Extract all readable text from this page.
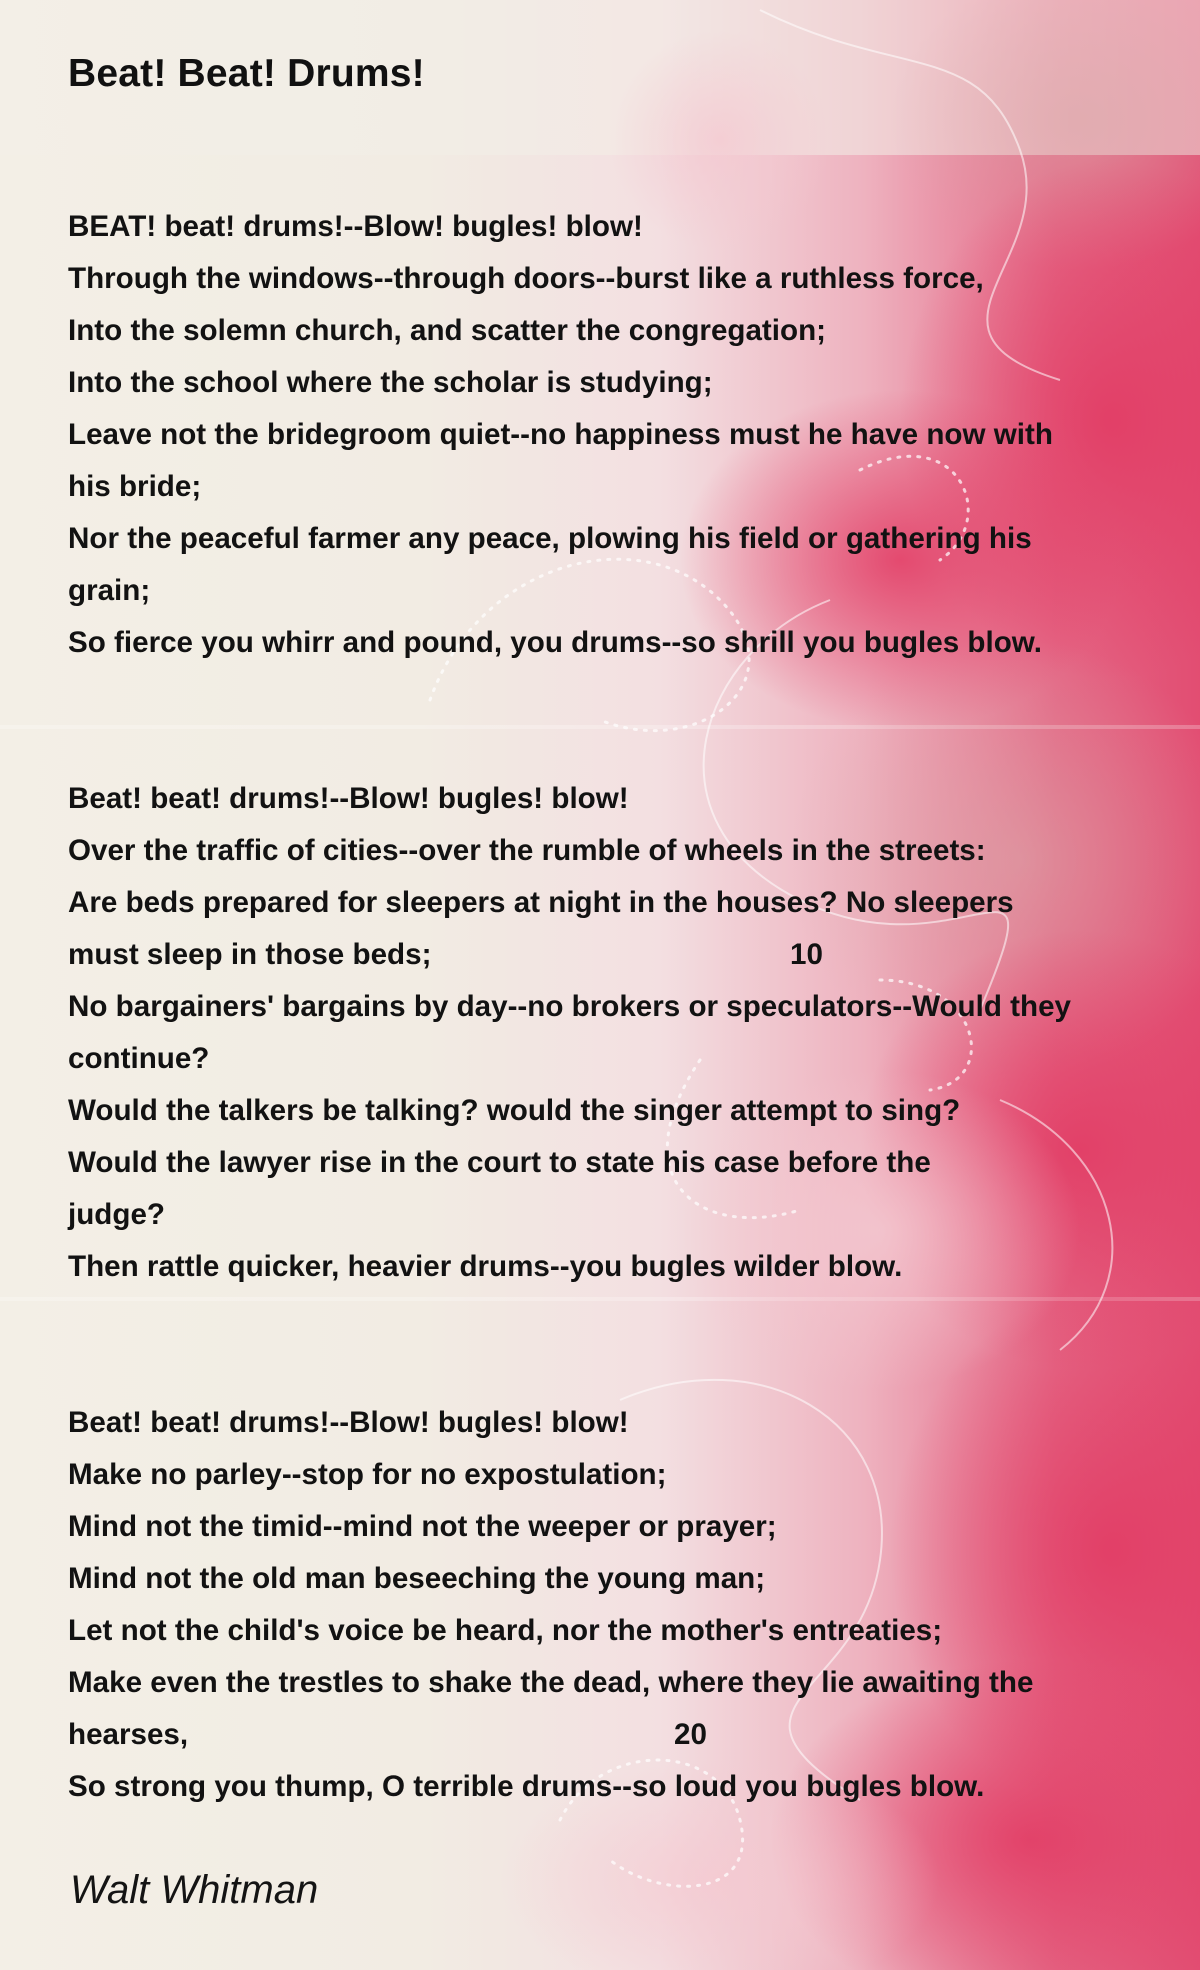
Beat! Beat! Drums!
BEAT! beat! drums!--Blow! bugles! blow!
Through the windows--through doors--burst like a ruthless force,
Into the solemn church, and scatter the congregation;
Into the school where the scholar is studying;
Leave not the bridegroom quiet--no happiness must he have now with
his bride;
Nor the peaceful farmer any peace, plowing his field or gathering his
grain;
So fierce you whirr and pound, you drums--so shrill you bugles blow.
Beat! beat! drums!--Blow! bugles! blow!
Over the traffic of cities--over the rumble of wheels in the streets:
Are beds prepared for sleepers at night in the houses? No sleepers
must sleep in those beds;	10
No bargainers' bargains by day--no brokers or speculators--Would they
continue?
Would the talkers be talking? would the singer attempt to sing?
Would the lawyer rise in the court to state his case before the
judge?
Then rattle quicker, heavier drums--you bugles wilder blow.
Beat! beat! drums!--Blow! bugles! blow!
Make no parley--stop for no expostulation;
Mind not the timid--mind not the weeper or prayer;
Mind not the old man beseeching the young man;
Let not the child's voice be heard, nor the mother's entreaties;
Make even the trestles to shake the dead, where they lie awaiting the
hearses,	20
So strong you thump, O terrible drums--so loud you bugles blow.

Walt Whitman
